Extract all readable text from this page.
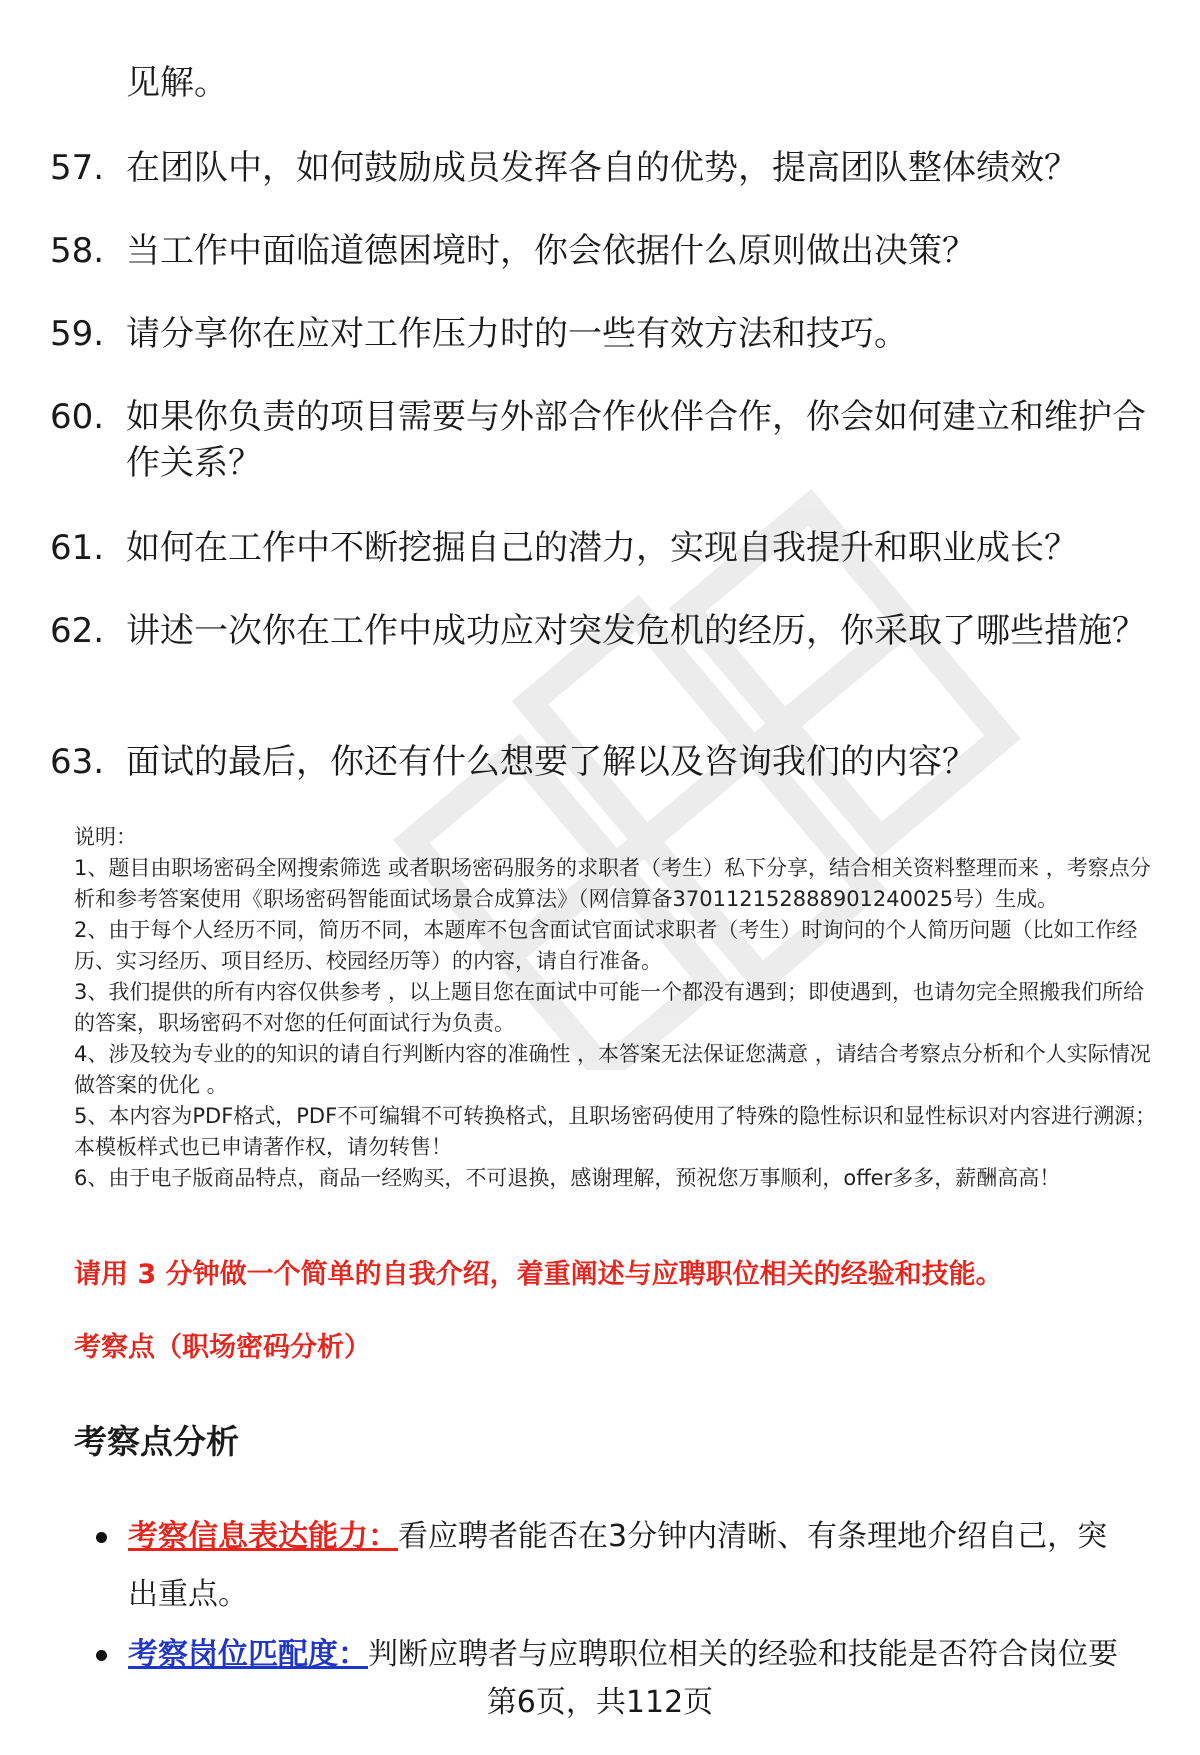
见解。
57. 在团队中，如何鼓励成员发挥各自的优势，提高团队整体绩效？
58. 当工作中面临道德困境时，你会依据什么原则做出决策？
59. 请分享你在应对工作压力时的一些有效方法和技巧。
60. 如果你负责的项目需要与外部合作伙伴合作，你会如何建立和维护合作关系？
61. 如何在工作中不断挖掘自己的潜力，实现自我提升和职业成长？
62. 讲述一次你在工作中成功应对突发危机的经历，你采取了哪些措施？
63. 面试的最后，你还有什么想要了解以及咨询我们的内容？

说明：

1、题目由职场密码全网搜索筛选 或者职场密码服务的求职者（考生）私下分享，结合相关资料整理而来 ，考察点分析和参考答案使用《职场密码智能面试场景合成算法》（网信算备370112152888901240025号）生成。

2、由于每个人经历不同，简历不同，本题库不包含面试官面试求职者（考生）时询问的个人简历问题（比如工作经历、实习经历、项目经历、校园经历等）的内容，请自行准备。

3、我们提供的所有内容仅供参考 ，以上题目您在面试中可能一个都没有遇到；即使遇到，也请勿完全照搬我们所给的答案，职场密码不对您的任何面试行为负责。

4、涉及较为专业的的知识的请自行判断内容的准确性 ，本答案无法保证您满意 ，请结合考察点分析和个人实际情况做答案的优化 。

5、本内容为PDF格式，PDF不可编辑不可转换格式，且职场密码使用了特殊的隐性标识和显性标识对内容进行溯源；本模板样式也已申请著作权，请勿转售！

6、由于电子版商品特点，商品一经购买，不可退换，感谢理解，预祝您万事顺利，offer多多，薪酬高高！

请用 3 分钟做一个简单的自我介绍，着重阐述与应聘职位相关的经验和技能。
考察点（职场密码分析）
考察点分析
考察信息表达能力：看应聘者能否在3分钟内清晰、有条理地介绍自己，突出重点。
考察岗位匹配度：判断应聘者与应聘职位相关的经验和技能是否符合岗位要
第6页，共112页
